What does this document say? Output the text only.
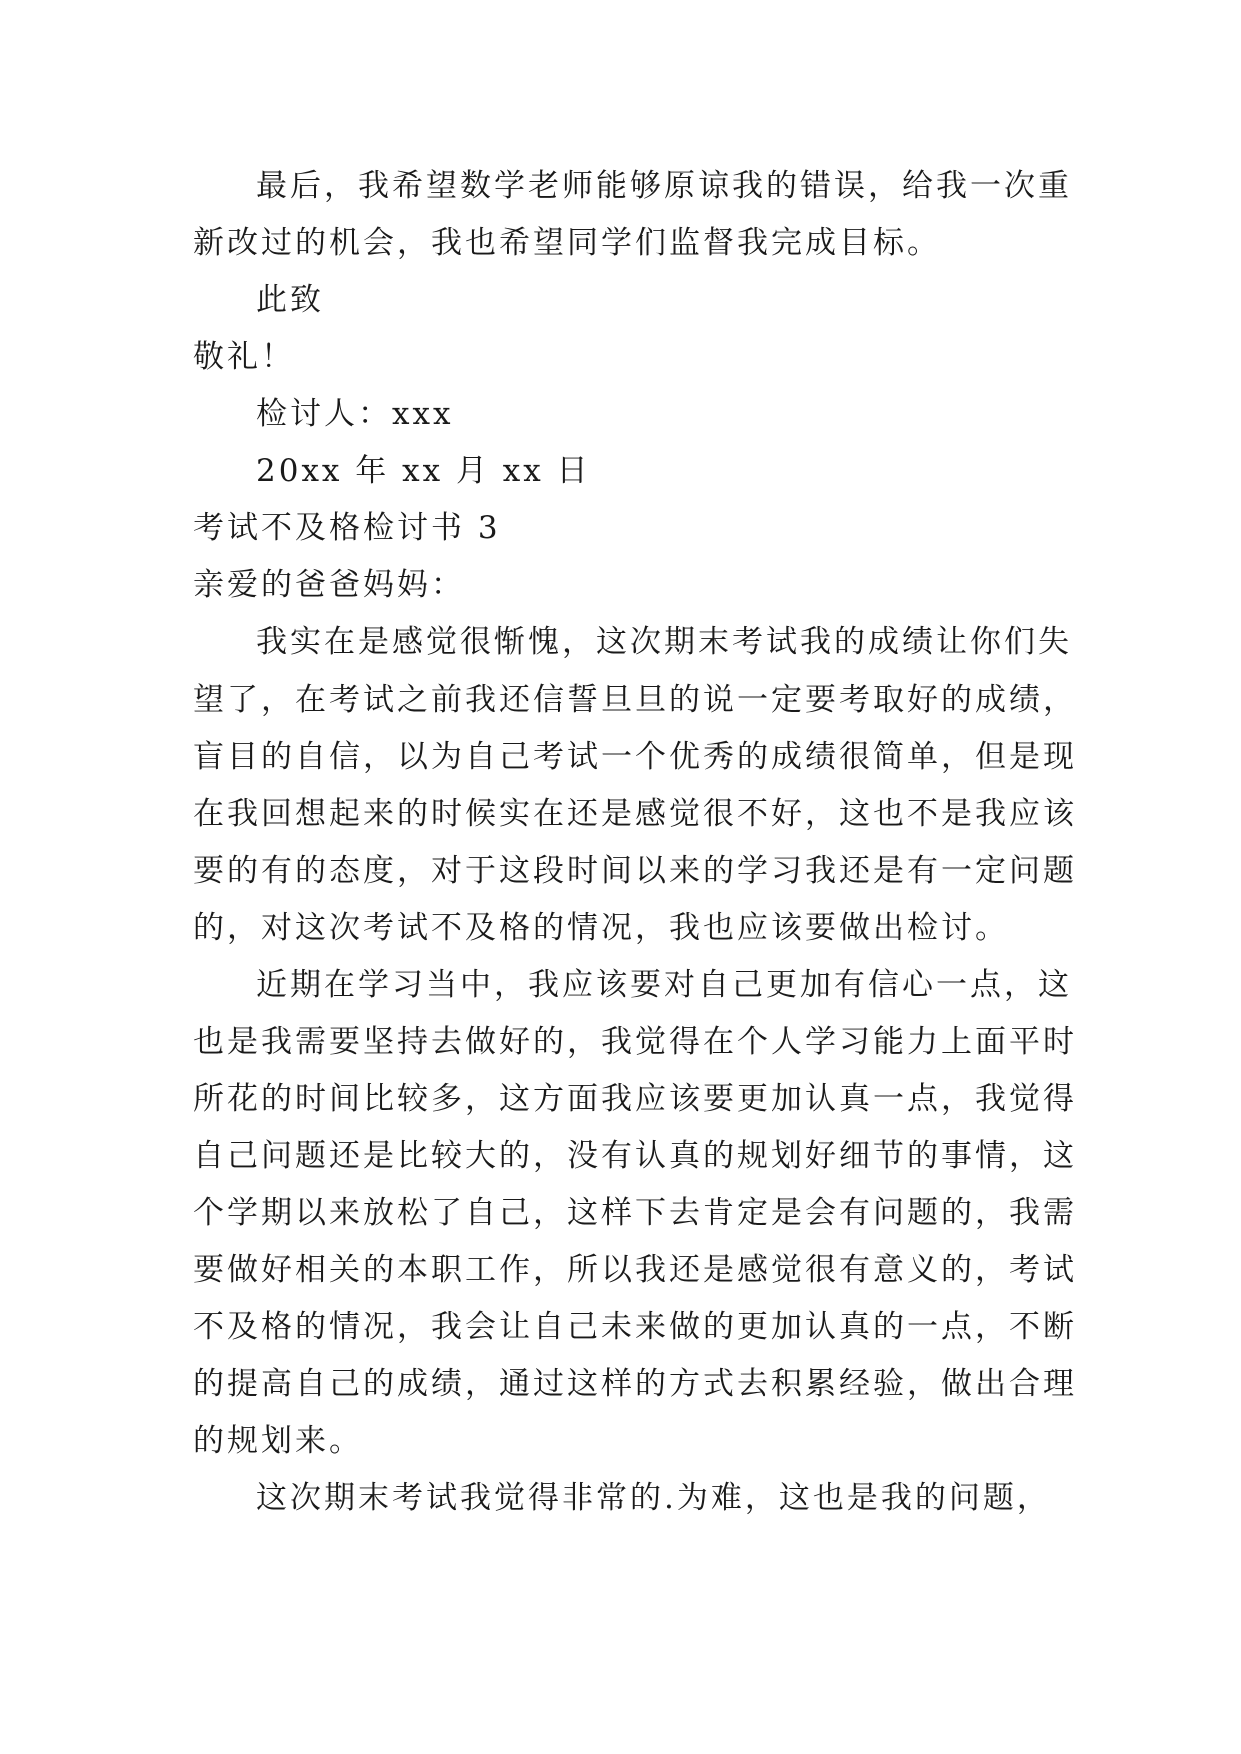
最后，我希望数学老师能够原谅我的错误，给我一次重
新改过的机会，我也希望同学们监督我完成目标。
此致
敬礼！
检讨人：xxx
20xx 年 xx 月 xx 日
考试不及格检讨书 3
亲爱的爸爸妈妈：
我实在是感觉很惭愧，这次期末考试我的成绩让你们失
望了，在考试之前我还信誓旦旦的说一定要考取好的成绩，
盲目的自信，以为自己考试一个优秀的成绩很简单，但是现
在我回想起来的时候实在还是感觉很不好，这也不是我应该
要的有的态度，对于这段时间以来的学习我还是有一定问题
的，对这次考试不及格的情况，我也应该要做出检讨。
近期在学习当中，我应该要对自己更加有信心一点，这
也是我需要坚持去做好的，我觉得在个人学习能力上面平时
所花的时间比较多，这方面我应该要更加认真一点，我觉得
自己问题还是比较大的，没有认真的规划好细节的事情，这
个学期以来放松了自己，这样下去肯定是会有问题的，我需
要做好相关的本职工作，所以我还是感觉很有意义的，考试
不及格的情况，我会让自己未来做的更加认真的一点，不断
的提高自己的成绩，通过这样的方式去积累经验，做出合理
的规划来。
这次期末考试我觉得非常的.为难，这也是我的问题，
